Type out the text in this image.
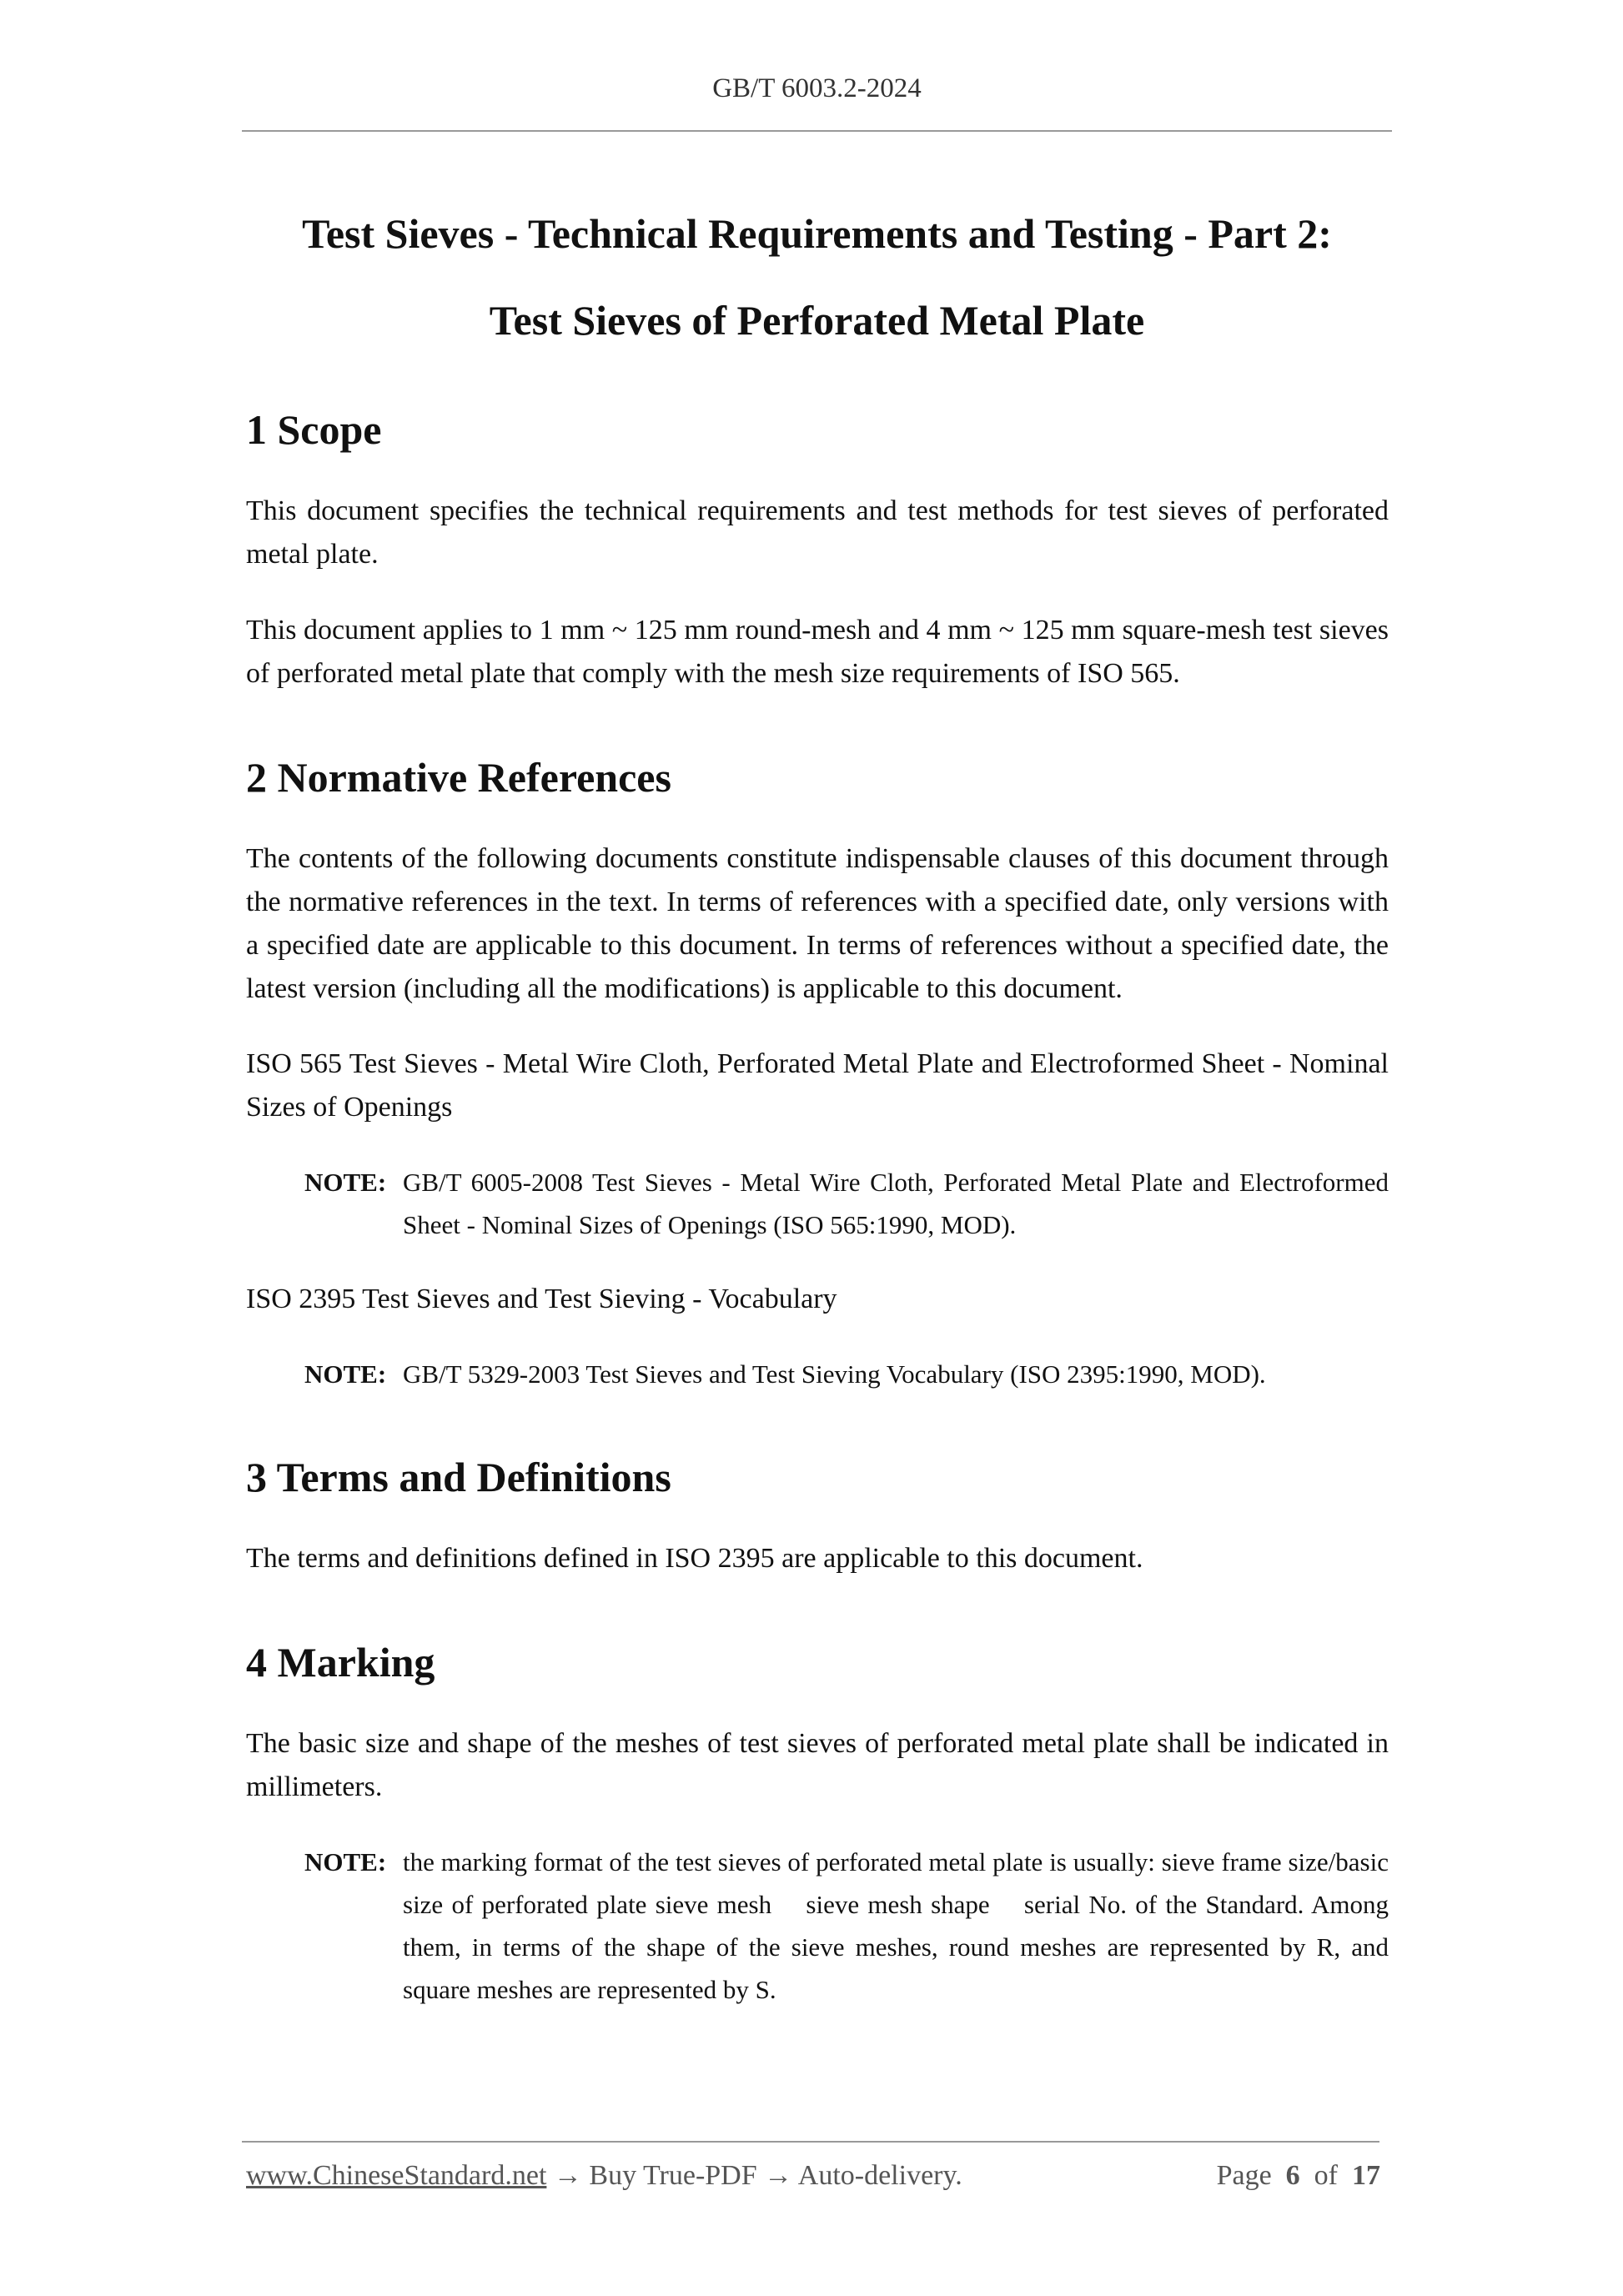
GB/T 6003.2-2024
Test Sieves - Technical Requirements and Testing - Part 2:
Test Sieves of Perforated Metal Plate
1 Scope

This document specifies the technical requirements and test methods for test sieves of perforated metal plate.

This document applies to 1 mm ~ 125 mm round-mesh and 4 mm ~ 125 mm square-mesh test sieves of perforated metal plate that comply with the mesh size requirements of ISO 565.

2 Normative References

The contents of the following documents constitute indispensable clauses of this document through the normative references in the text. In terms of references with a specified date, only versions with a specified date are applicable to this document. In terms of references without a specified date, the latest version (including all the modifications) is applicable to this document.

ISO 565 Test Sieves - Metal Wire Cloth, Perforated Metal Plate and Electroformed Sheet - Nominal Sizes of Openings

NOTE: GB/T 6005-2008 Test Sieves - Metal Wire Cloth, Perforated Metal Plate and Electroformed Sheet - Nominal Sizes of Openings (ISO 565:1990, MOD).

ISO 2395 Test Sieves and Test Sieving - Vocabulary

NOTE: GB/T 5329-2003 Test Sieves and Test Sieving Vocabulary (ISO 2395:1990, MOD).
3 Terms and Definitions

The terms and definitions defined in ISO 2395 are applicable to this document.

4 Marking

The basic size and shape of the meshes of test sieves of perforated metal plate shall be indicated in millimeters.

NOTE: the marking format of the test sieves of perforated metal plate is usually: sieve frame size/basic size of perforated plate sieve mesh  sieve mesh shape  serial No. of the Standard. Among them, in terms of the shape of the sieve meshes, round meshes are represented by R, and square meshes are represented by S.
www.ChineseStandard.net → Buy True-PDF → Auto-delivery.	Page 6 of 17
